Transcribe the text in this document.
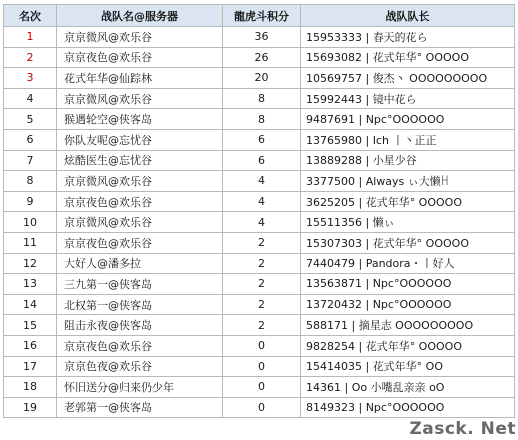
名次	战队名@服务器	龍虎斗积分	战队队长
1	京京微风@欢乐谷	36	15953333 | 春天的花ら
2	京京夜色@欢乐谷	26	15693082 | 花式年华° OOOOO
3	花式年华@仙踪林	20	10569757 | 俊杰丶 OOOOOOOOO
4	京京微风@欢乐谷	8	15992443 | 镜中花ら
5	猴遇轮空@侠客岛	8	9487691 | Npc°OOOOOO
6	你队友呢@忘忧谷	6	13765980 | Ich 丨丶正正
7	炫酷医生@忘忧谷	6	13889288 | 小星少谷
8	京京微风@欢乐谷	4	3377500 | Always ぃ大懒ꀿ
9	京京夜色@欢乐谷	4	3625205 | 花式年华° OOOOO
10	京京微风@欢乐谷	4	15511356 | 懒ぃ
11	京京夜色@欢乐谷	2	15307303 | 花式年华° OOOOO
12	大好人@潘多拉	2	7440479 | Pandora・丨好人
13	三九第一@侠客岛	2	13563871 | Npc°OOOOOO
14	北权第一@侠客岛	2	13720432 | Npc°OOOOOO
15	阻击永夜@侠客岛	2	588171 | 摘星志 OOOOOOOOO
16	京京夜色@欢乐谷	0	9828254 | 花式年华° OOOOO
17	京京色夜@欢乐谷	0	15414035 | 花式年华° OO
18	怀旧送分@归来仍少年	0	14361 | Oo 小嘴乱亲亲 oO
19	老郭第一@侠客岛	0	8149323 | Npc°OOOOOO
Zasck. Net
